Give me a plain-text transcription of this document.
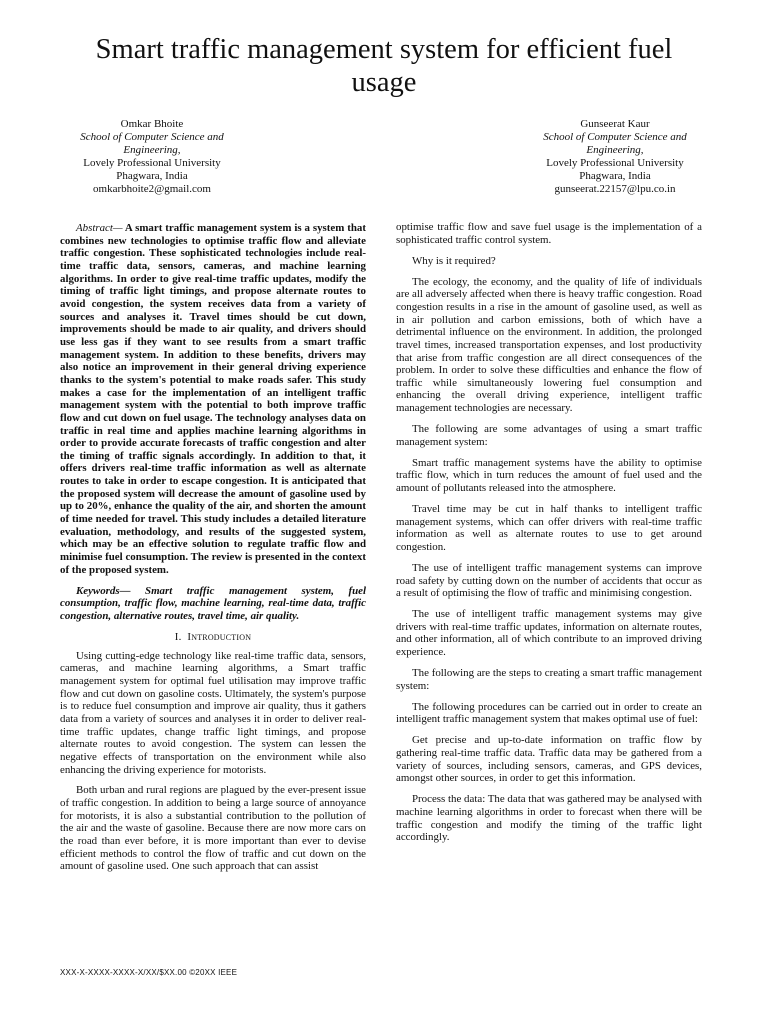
Smart traffic management system for efficient fuel usage
Omkar Bhoite
School of Computer Science and
Engineering,
Lovely Professional University
Phagwara, India
omkarbhoite2@gmail.com
Gunseerat Kaur
School of Computer Science and
Engineering,
Lovely Professional University
Phagwara, India
gunseerat.22157@lpu.co.in

Abstract— A smart traffic management system is a system that combines new technologies to optimise traffic flow and alleviate traffic congestion. These sophisticated technologies include real-time traffic data, sensors, cameras, and machine learning algorithms. In order to give real-time traffic updates, modify the timing of traffic light timings, and propose alternate routes to avoid congestion, the system receives data from a variety of sources and analyses it. Travel times should be cut down, improvements should be made to air quality, and drivers should use less gas if they want to see results from a smart traffic management system. In addition to these benefits, drivers may also notice an improvement in their general driving experience thanks to the system's potential to make roads safer. This study makes a case for the implementation of an intelligent traffic management system with the potential to both improve traffic flow and cut down on fuel usage. The technology analyses data on traffic in real time and applies machine learning algorithms in order to provide accurate forecasts of traffic congestion and alter the timing of traffic signals accordingly. In addition to that, it offers drivers real-time traffic information as well as alternate routes to take in order to escape congestion. It is anticipated that the proposed system will decrease the amount of gasoline used by up to 20%, enhance the quality of the air, and shorten the amount of time needed for travel. This study includes a detailed literature evaluation, methodology, and results of the suggested system, which may be an effective solution to regulate traffic flow and minimise fuel consumption. The review is presented in the context of the proposed system.

Keywords— Smart traffic management system, fuel consumption, traffic flow, machine learning, real-time data, traffic congestion, alternative routes, travel time, air quality.

I. Introduction

Using cutting-edge technology like real-time traffic data, sensors, cameras, and machine learning algorithms, a Smart traffic management system for optimal fuel utilisation may improve traffic flow and cut down on gasoline costs. Ultimately, the system's purpose is to reduce fuel consumption and improve air quality, thus it gathers data from a variety of sources and analyses it in order to deliver real-time traffic updates, change traffic light timings, and propose alternate routes to avoid congestion. The system can lessen the negative effects of transportation on the environment while also enhancing the driving experience for motorists.

Both urban and rural regions are plagued by the ever-present issue of traffic congestion. In addition to being a large source of annoyance for motorists, it is also a substantial contribution to the pollution of the air and the waste of gasoline. Because there are now more cars on the road than ever before, it is more important than ever to devise efficient methods to control the flow of traffic and cut down on the amount of gasoline used. One such approach that can assist

optimise traffic flow and save fuel usage is the implementation of a sophisticated traffic control system.

Why is it required?

The ecology, the economy, and the quality of life of individuals are all adversely affected when there is heavy traffic congestion. Road congestion results in a rise in the amount of gasoline used, as well as in air pollution and carbon emissions, both of which have a detrimental influence on the environment. In addition, the prolonged travel times, increased transportation expenses, and lost productivity that arise from traffic congestion are all direct consequences of the problem. In order to solve these difficulties and enhance the flow of traffic while simultaneously lowering fuel consumption and enhancing the overall driving experience, intelligent traffic management technologies are necessary.

The following are some advantages of using a smart traffic management system:

Smart traffic management systems have the ability to optimise traffic flow, which in turn reduces the amount of fuel used and the amount of pollutants released into the atmosphere.

Travel time may be cut in half thanks to intelligent traffic management systems, which can offer drivers with real-time traffic information as well as alternate routes to use to get around congestion.

The use of intelligent traffic management systems can improve road safety by cutting down on the number of accidents that occur as a result of optimising the flow of traffic and minimising congestion.

The use of intelligent traffic management systems may give drivers with real-time traffic updates, information on alternate routes, and other information, all of which contribute to an improved driving experience.

The following are the steps to creating a smart traffic management system:

The following procedures can be carried out in order to create an intelligent traffic management system that makes optimal use of fuel:

Get precise and up-to-date information on traffic flow by gathering real-time traffic data. Traffic data may be gathered from a variety of sources, including sensors, cameras, and GPS devices, amongst other sources, in order to get this information.

Process the data: The data that was gathered may be analysed with machine learning algorithms in order to forecast when there will be traffic congestion and modify the timing of the traffic light accordingly.

XXX-X-XXXX-XXXX-X/XX/$XX.00 ©20XX IEEE
